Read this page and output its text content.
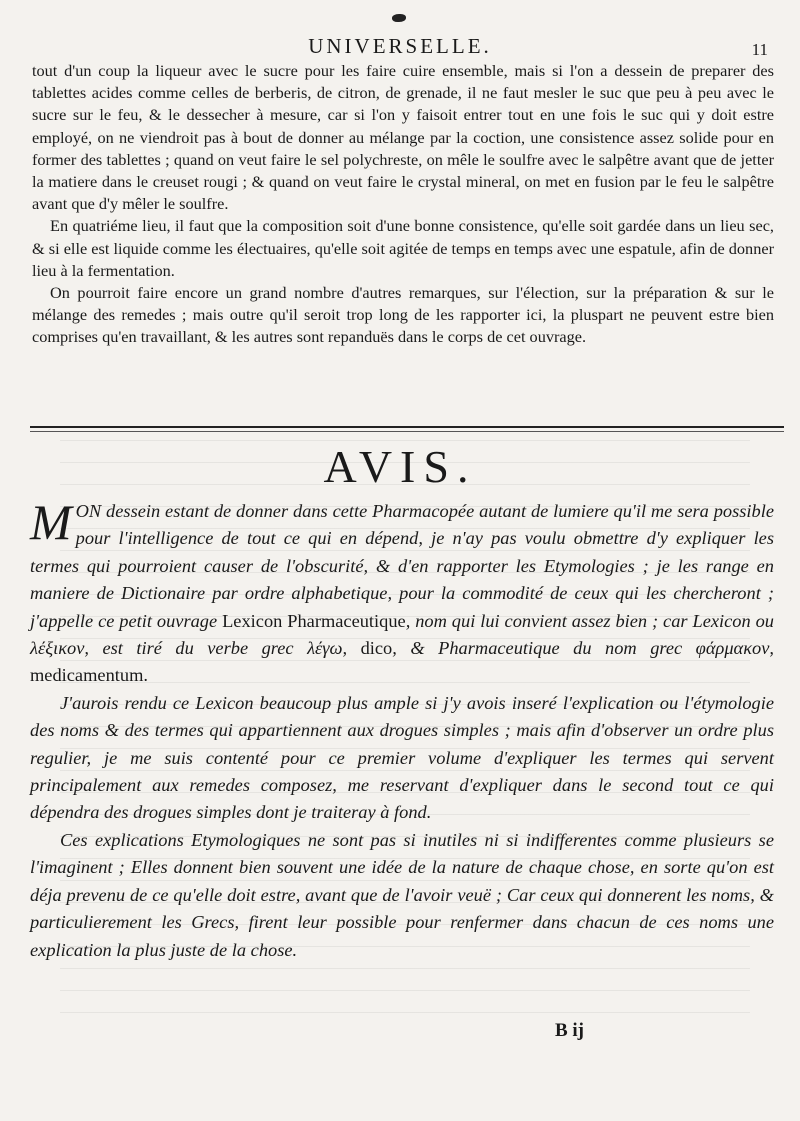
UNIVERSELLE.	11

tout d'un coup la liqueur avec le sucre pour les faire cuire ensemble, mais si l'on a dessein de preparer des tablettes acides comme celles de berberis, de citron, de grenade, il ne faut mesler le suc que peu à peu avec le sucre sur le feu, & le dessecher à mesure, car si l'on y faisoit entrer tout en une fois le suc qui y doit estre employé, on ne viendroit pas à bout de donner au mélange par la coction, une consistence assez solide pour en former des tablettes ; quand on veut faire le sel polychreste, on mêle le soulfre avec le salpêtre avant que de jetter la matiere dans le creuset rougi ; & quand on veut faire le crystal mineral, on met en fusion par le feu le salpêtre avant que d'y mêler le soulfre.

En quatriéme lieu, il faut que la composition soit d'une bonne consistence, qu'elle soit gardée dans un lieu sec, & si elle est liquide comme les électuaires, qu'elle soit agitée de temps en temps avec une espatule, afin de donner lieu à la fermentation.

On pourroit faire encore un grand nombre d'autres remarques, sur l'élection, sur la préparation & sur le mélange des remedes ; mais outre qu'il seroit trop long de les rapporter ici, la pluspart ne peuvent estre bien comprises qu'en travaillant, & les autres sont repanduës dans le corps de cet ouvrage.

AVIS.

MON dessein estant de donner dans cette Pharmacopée autant de lumiere qu'il me sera possible pour l'intelligence de tout ce qui en dépend, je n'ay pas voulu obmettre d'y expliquer les termes qui pourroient causer de l'obscurité, & d'en rapporter les Etymologies ; je les range en maniere de Dictionaire par ordre alphabetique, pour la commodité de ceux qui les chercheront ; j'appelle ce petit ouvrage Lexicon Pharmaceutique, nom qui lui convient assez bien ; car Lexicon ou λέξικον, est tiré du verbe grec λέγω, dico, & Pharmaceutique du nom grec φάρμακον, medicamentum.

J'aurois rendu ce Lexicon beaucoup plus ample si j'y avois inseré l'explication ou l'étymologie des noms & des termes qui appartiennent aux drogues simples ; mais afin d'observer un ordre plus regulier, je me suis contenté pour ce premier volume d'expliquer les termes qui servent principalement aux remedes composez, me reservant d'expliquer dans le second tout ce qui dépendra des drogues simples dont je traiteray à fond.

Ces explications Etymologiques ne sont pas si inutiles ni si indifferentes comme plusieurs se l'imaginent ; Elles donnent bien souvent une idée de la nature de chaque chose, en sorte qu'on est déja prevenu de ce qu'elle doit estre, avant que de l'avoir veuë ; Car ceux qui donnerent les noms, & particulierement les Grecs, firent leur possible pour renfermer dans chacun de ces noms une explication la plus juste de la chose.

B ij
